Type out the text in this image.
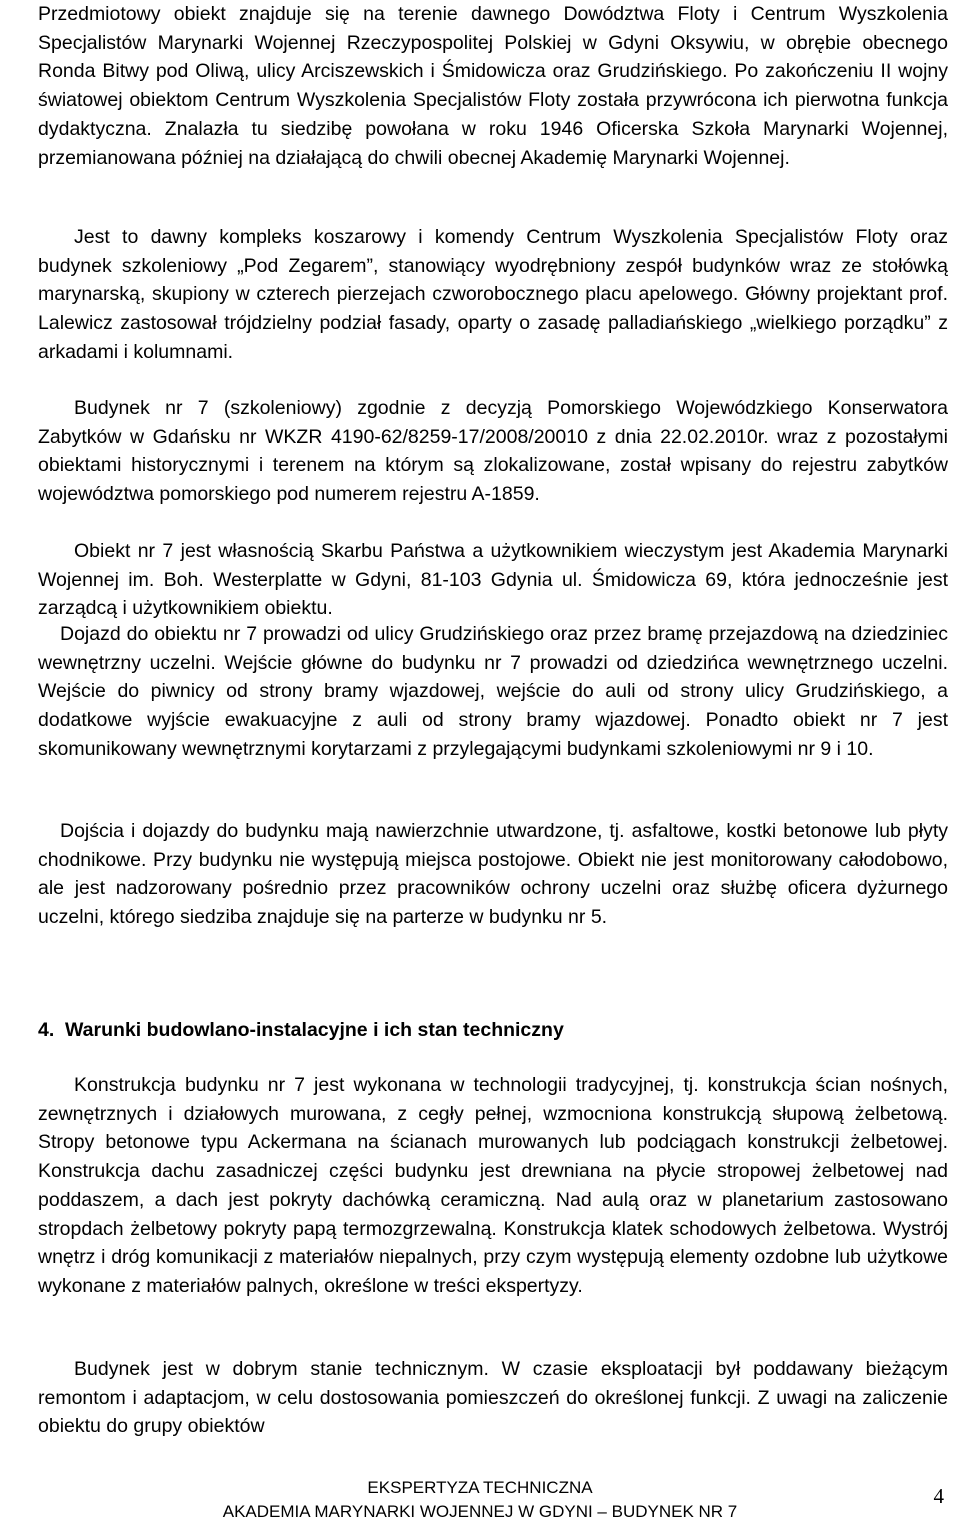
Przedmiotowy obiekt znajduje się na terenie dawnego Dowództwa Floty i Centrum Wyszkolenia Specjalistów Marynarki Wojennej Rzeczypospolitej Polskiej w Gdyni Oksywiu, w obrębie obecnego Ronda Bitwy pod Oliwą, ulicy Arciszewskich i Śmidowicza oraz Grudzińskiego. Po zakończeniu II wojny światowej obiektom Centrum Wyszkolenia Specjalistów Floty została przywrócona ich pierwotna funkcja dydaktyczna. Znalazła tu siedzibę powołana w roku 1946 Oficerska Szkoła Marynarki Wojennej, przemianowana później na działającą do chwili obecnej Akademię Marynarki Wojennej.

Jest to dawny kompleks koszarowy i komendy Centrum Wyszkolenia Specjalistów Floty oraz budynek szkoleniowy „Pod Zegarem”, stanowiący wyodrębniony zespół budynków wraz ze stołówką marynarską, skupiony w czterech pierzejach czworobocznego placu apelowego. Główny projektant prof. Lalewicz zastosował trójdzielny podział fasady, oparty o zasadę palladiańskiego „wielkiego porządku” z arkadami i kolumnami.

Budynek nr 7 (szkoleniowy) zgodnie z decyzją Pomorskiego Wojewódzkiego Konserwatora Zabytków w Gdańsku nr WKZR 4190-62/8259-17/2008/20010 z dnia 22.02.2010r. wraz z pozostałymi obiektami historycznymi i terenem na którym są zlokalizowane, został wpisany do rejestru zabytków województwa pomorskiego pod numerem rejestru A-1859.

Obiekt nr 7 jest własnością Skarbu Państwa a użytkownikiem wieczystym jest Akademia Marynarki Wojennej im. Boh. Westerplatte w Gdyni, 81-103 Gdynia ul. Śmidowicza 69, która jednocześnie jest zarządcą i użytkownikiem obiektu.

Dojazd do obiektu nr 7 prowadzi od ulicy Grudzińskiego oraz przez bramę przejazdową na dziedziniec wewnętrzny uczelni. Wejście główne do budynku nr 7 prowadzi od dziedzińca wewnętrznego uczelni. Wejście do piwnicy od strony bramy wjazdowej, wejście do auli od strony ulicy Grudzińskiego, a dodatkowe wyjście ewakuacyjne z auli od strony bramy wjazdowej. Ponadto obiekt nr 7 jest skomunikowany wewnętrznymi korytarzami z przylegającymi budynkami szkoleniowymi nr 9 i 10.

Dojścia i dojazdy do budynku mają nawierzchnie utwardzone, tj. asfaltowe, kostki betonowe lub płyty chodnikowe. Przy budynku nie występują miejsca postojowe. Obiekt nie jest monitorowany całodobowo, ale jest nadzorowany pośrednio przez pracowników ochrony uczelni oraz służbę oficera dyżurnego uczelni, którego siedziba znajduje się na parterze w budynku nr 5.

4. Warunki budowlano-instalacyjne i ich stan techniczny

Konstrukcja budynku nr 7 jest wykonana w technologii tradycyjnej, tj. konstrukcja ścian nośnych, zewnętrznych i działowych murowana, z cegły pełnej, wzmocniona konstrukcją słupową żelbetową. Stropy betonowe typu Ackermana na ścianach murowanych lub podciągach konstrukcji żelbetowej. Konstrukcja dachu zasadniczej części budynku jest drewniana na płycie stropowej żelbetowej nad poddaszem, a dach jest pokryty dachówką ceramiczną. Nad aulą oraz w planetarium zastosowano stropdach żelbetowy pokryty papą termozgrzewalną. Konstrukcja klatek schodowych żelbetowa. Wystrój wnętrz i dróg komunikacji z materiałów niepalnych, przy czym występują elementy ozdobne lub użytkowe wykonane z materiałów palnych, określone w treści ekspertyzy.

Budynek jest w dobrym stanie technicznym. W czasie eksploatacji był poddawany bieżącym remontom i adaptacjom, w celu dostosowania pomieszczeń do określonej funkcji. Z uwagi na zaliczenie obiektu do grupy obiektów

EKSPERTYZA TECHNICZNA
AKADEMIA MARYNARKI WOJENNEJ W GDYNI – BUDYNEK NR 7
4
